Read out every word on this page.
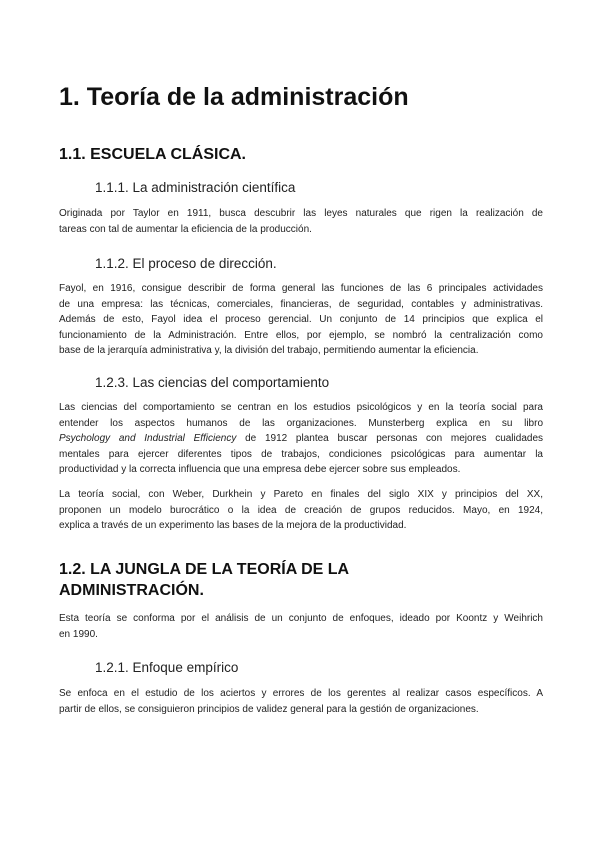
1. Teoría de la administración
1.1. ESCUELA CLÁSICA.
1.1.1. La administración científica

Originada por Taylor en 1911, busca descubrir las leyes naturales que rigen la realización de
tareas con tal de aumentar la eficiencia de la producción.

1.1.2. El proceso de dirección.

Fayol, en 1916, consigue describir de forma general las funciones de las 6 principales actividades
de una empresa: las técnicas, comerciales, financieras, de seguridad, contables y administrativas.
Además de esto, Fayol idea el proceso gerencial. Un conjunto de 14 principios que explica el
funcionamiento de la Administración. Entre ellos, por ejemplo, se nombró la centralización como
base de la jerarquía administrativa y, la división del trabajo, permitiendo aumentar la eficiencia.

1.2.3. Las ciencias del comportamiento

Las ciencias del comportamiento se centran en los estudios psicológicos y en la teoría social para
entender los aspectos humanos de las organizaciones. Munsterberg explica en su libro
Psychology and Industrial Efficiency de 1912 plantea buscar personas con mejores cualidades
mentales para ejercer diferentes tipos de trabajos, condiciones psicológicas para aumentar la
productividad y la correcta influencia que una empresa debe ejercer sobre sus empleados.

La teoría social, con Weber, Durkhein y Pareto en finales del siglo XIX y principios del XX,
proponen un modelo burocrático o la idea de creación de grupos reducidos. Mayo, en 1924,
explica a través de un experimento las bases de la mejora de la productividad.

1.2. LA JUNGLA DE LA TEORÍA DE LA
ADMINISTRACIÓN.

Esta teoría se conforma por el análisis de un conjunto de enfoques, ideado por Koontz y Weihrich
en 1990.

1.2.1. Enfoque empírico

Se enfoca en el estudio de los aciertos y errores de los gerentes al realizar casos específicos. A
partir de ellos, se consiguieron principios de validez general para la gestión de organizaciones.
